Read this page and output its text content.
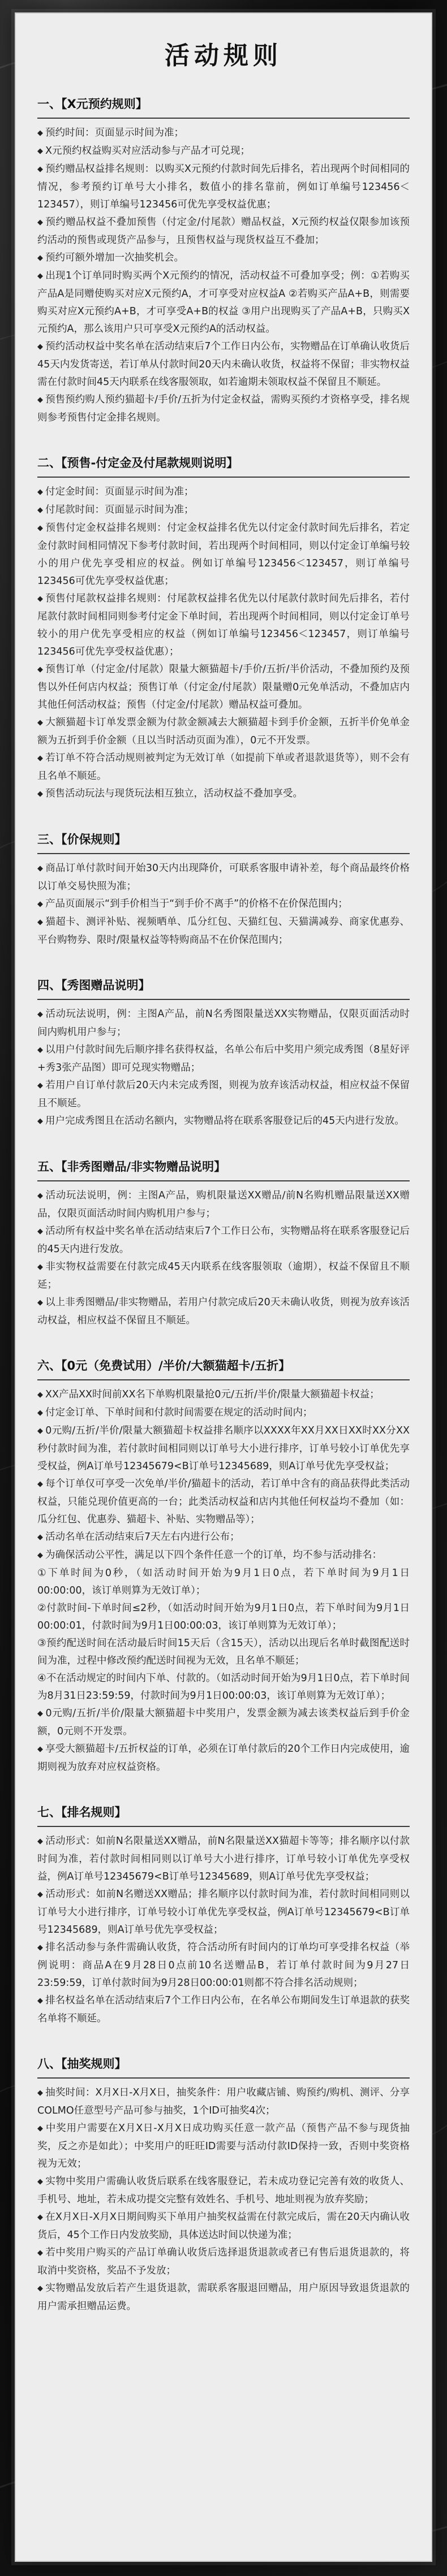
活动规则
一、【X元预约规则】

◆ 预约时间：页面显示时间为准；

◆ X元预约权益购买对应活动参与产品才可兑现；

◆ 预约赠品权益排名规则：以购买X元预约付款时间先后排名，若出现两个时间相同的情况，参考预约订单号大小排名，数值小的排名靠前，例如订单编号123456＜123457），则订单编号123456可优先享受权益优惠；

◆ 预约赠品权益不叠加预售（付定金/付尾款）赠品权益，X元预约权益仅限参加该预约活动的预售或现货产品参与，且预售权益与现货权益互不叠加；

◆ 预约可额外增加一次抽奖机会。

◆ 出现1个订单同时购买两个X元预约的情况，活动权益不可叠加享受；例：①若购买产品A是同赠使购买对应X元预约A，才可享受对应权益A ②若购买产品A+B，则需要购买对应X元预约A+B，才可享受A+B的权益 ③用户出现购买了产品A+B，只购买X元预约A，那么该用户只可享受X元预约A的活动权益。

◆ 预约活动权益中奖名单在活动结束后7个工作日内公布，实物赠品在订单确认收货后45天内发货寄送，若订单从付款时间20天内未确认收货，权益将不保留；非实物权益需在付款时间45天内联系在线客服领取，如若逾期未领取权益不保留且不顺延。

◆ 预售预约购人预约猫超卡/手价/五折为付定金权益，需购买预约才资格享受，排名规则参考预售付定金排名规则。

二、【预售-付定金及付尾款规则说明】

◆ 付定金时间：页面显示时间为准；

◆ 付尾款时间：页面显示时间为准；

◆ 预售付定金权益排名规则：付定金权益排名优先以付定金付款时间先后排名，若定金付款时间相同情况下参考付款时间，若出现两个时间相同，则以付定金订单编号较小的用户优先享受相应的权益。例如订单编号123456＜123457，则订单编号123456可优先享受权益优惠；

◆ 预售付尾款权益排名规则：付尾款权益排名优先以付尾款付款时间先后排名，若付尾款付款时间相同则参考付定金下单时间，若出现两个时间相同，则以付定金订单号较小的用户优先享受相应的权益（例如订单编号123456＜123457，则订单编号123456可优先享受权益优惠）；

◆ 预售订单（付定金/付尾款）限量大额猫超卡/手价/五折/半价活动，不叠加预约及预售以外任何店内权益；预售订单（付定金/付尾款）限量赠0元免单活动，不叠加店内其他任何活动权益；预售（付定金/付尾款）赠品权益可叠加。

◆ 大额猫超卡订单发票金额为付款金额减去大额猫超卡到手价金额，五折半价免单金额为五折到手价金额（且以当时活动页面为准），0元不开发票。

◆ 若订单不符合活动规则被判定为无效订单（如提前下单或者退款退货等），则不会有且名单不顺延。

◆ 预售活动玩法与现货玩法相互独立，活动权益不叠加享受。

三、【价保规则】

◆ 商品订单付款时间开始30天内出现降价，可联系客服申请补差，每个商品最终价格以订单交易快照为准；

◆ 产品页面展示“到手价相当于“到手价不离手”的价格不在价保范围内；

◆ 猫超卡、测评补贴、视频晒单、瓜分红包、天猫红包、天猫满减券、商家优惠券、平台购物券、限时/限量权益等特购商品不在价保范围内；

四、【秀图赠品说明】

◆ 活动玩法说明，例：主图A产品，前N名秀图限量送XX实物赠品，仅限页面活动时间内购机用户参与；

◆ 以用户付款时间先后顺序排名获得权益，名单公布后中奖用户须完成秀图（8星好评+秀3张产品图）即可兑现实物赠品；

◆ 若用户自订单付款后20天内未完成秀图，则视为放弃该活动权益，相应权益不保留且不顺延。

◆ 用户完成秀图且在活动名额内，实物赠品将在联系客服登记后的45天内进行发放。

五、【非秀图赠品/非实物赠品说明】

◆ 活动玩法说明，例：主图A产品，购机限量送XX赠品/前N名购机赠品限量送XX赠品，仅限页面活动时间内购机用户参与；

◆ 活动所有权益中奖名单在活动结束后7个工作日公布，实物赠品将在联系客服登记后的45天内进行发放。

◆ 非实物权益需要在付款完成45天内联系在线客服领取（逾期），权益不保留且不顺延；

◆ 以上非秀图赠品/非实物赠品，若用户付款完成后20天未确认收货，则视为放弃该活动权益，相应权益不保留且不顺延。

六、【0元（免费试用）/半价/大额猫超卡/五折】

◆ XX产品XX时间前XX名下单购机限量抢0元/五折/半价/限量大额猫超卡权益；

◆ 付定金订单、下单时间和付款时间需要在规定的活动时间内；

◆ 0元购/五折/半价/限量大额猫超卡权益排名顺序以XXXX年XX月XX日XX时XX分XX秒付款时间为准，若付款时间相同则以订单号大小进行排序，订单号较小订单优先享受权益，例A订单号12345679<B订单号12345689，则A订单号优先享受权益；

◆ 每个订单仅可享受一次免单/半价/猫超卡的活动，若订单中含有的商品获得此类活动权益，只能兑现价值更高的一台；此类活动权益和店内其他任何权益均不叠加（如：瓜分红包、优惠券、猫超卡、补贴、实物赠品等）；

◆ 活动名单在活动结束后7天左右内进行公布；

◆ 为确保活动公平性，满足以下四个条件任意一个的订单，均不参与活动排名：

①下单时间为0秒，（如活动时间开始为9月1日0点，若下单时间为9月1日00:00:00，该订单则算为无效订单）；

②付款时间-下单时间≤2秒，（如活动时间开始为9月1日0点，若下单时间为9月1日00:00:01，付款时间为9月1日00:00:03，该订单则算为无效订单）；

③预约配送时间在活动最后时间15天后（含15天），活动以出现后名单时截图配送时间为准，过程中修改预约配送时间视为无效，且名单不顺延；

④不在活动规定的时间内下单、付款的。（如活动时间开始为9月1日0点，若下单时间为8月31日23:59:59，付款时间为9月1日00:00:03，该订单则算为无效订单）；

◆ 0元购/五折/半价/限量大额猫超卡中奖用户，发票金额为减去该类权益后到手价金额，0元则不开发票。

◆ 享受大额猫超卡/五折权益的订单，必须在订单付款后的20个工作日内完成使用，逾期则视为放弃对应权益资格。

七、【排名规则】

◆ 活动形式：如前N名限量送XX赠品，前N名限量送XX猫超卡等等；排名顺序以付款时间为准，若付款时间相同则以订单号大小进行排序，订单号较小订单优先享受权益，例A订单号12345679<B订单号12345689，则A订单号优先享受权益；

◆ 活动形式：如前N名赠送XX赠品；排名顺序以付款时间为准，若付款时间相同则以订单号大小进行排序，订单号较小订单优先享受权益，例A订单号12345679<B订单号12345689，则A订单号优先享受权益；

◆ 排名活动参与条件需确认收货，符合活动所有时间内的订单均可享受排名权益（举例说明：商品A在9月28日0点前10名送赠品B，若订单付款时间为9月27日23:59:59，订单付款时间为9月28日00:00:01则都不符合排名活动规则；

◆ 排名权益名单在活动结束后7个工作日内公布，在名单公布期间发生订单退款的获奖名单将不顺延。

八、【抽奖规则】

◆ 抽奖时间：X月X日-X月X日，抽奖条件：用户收藏店铺、购预约/购机、测评、分享COLMO任意型号产品可参与抽奖，1个ID可抽奖4次；

◆ 中奖用户需要在X月X日-X月X日成功购买任意一款产品（预售产品不参与现货抽奖，反之亦是如此）；中奖用户的旺旺ID需要与活动付款ID保持一致，否则中奖资格视为无效；

◆ 实物中奖用户需确认收货后联系在线客服登记，若未成功登记完善有效的收货人、手机号、地址，若未成功提交完整有效姓名、手机号、地址则视为放弃奖励；

◆ 在X月X日-X月X日期间购买下单用户抽奖权益需在付款完成后，需在20天内确认收货后，45个工作日内发放奖励，具体送达时间以快递为准；

◆ 若中奖用户购买的产品订单确认收货后选择退货退款或者已有售后退货退款的，将取消中奖资格，奖品不予发放；

◆ 实物赠品发放后若产生退货退款，需联系客服退回赠品，用户原因导致退货退款的用户需承担赠品运费。
